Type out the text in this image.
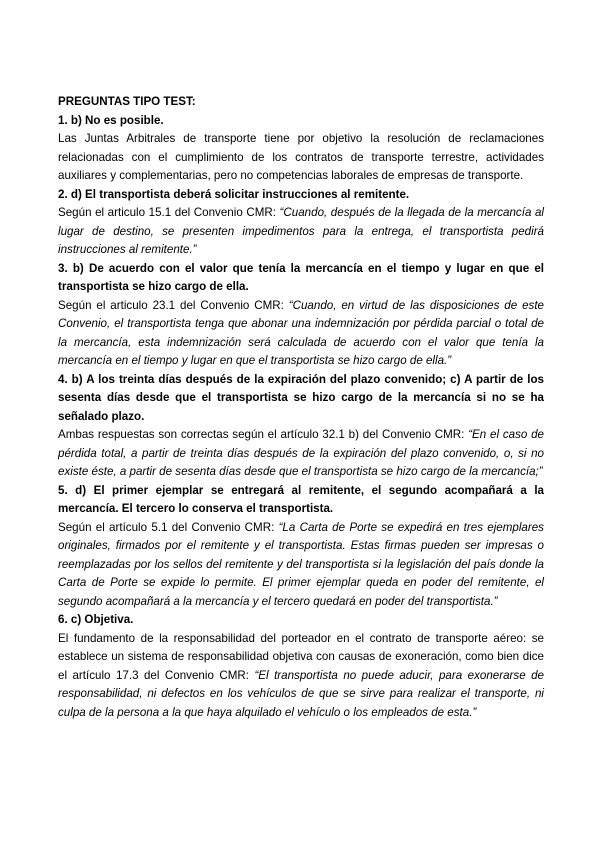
PREGUNTAS TIPO TEST:

1. b) No es posible.

Las Juntas Arbitrales de transporte tiene por objetivo la resolución de reclamaciones relacionadas con el cumplimiento de los contratos de transporte terrestre, actividades auxiliares y complementarias, pero no competencias laborales de empresas de transporte.

2. d) El transportista deberá solicitar instrucciones al remitente.

Según el articulo 15.1 del Convenio CMR: “Cuando, después de la llegada de la mercancía al lugar de destino, se presenten impedimentos para la entrega, el transportista pedirá instrucciones al remitente.”

3. b) De acuerdo con el valor que tenía la mercancía en el tiempo y lugar en que el transportista se hizo cargo de ella.

Según el articulo 23.1 del Convenio CMR: “Cuando, en virtud de las disposiciones de este Convenio, el transportista tenga que abonar una indemnización por pérdida parcial o total de la mercancía, esta indemnización será calculada de acuerdo con el valor que tenía la mercancía en el tiempo y lugar en que el transportista se hizo cargo de ella.”

4. b) A los treinta días después de la expiración del plazo convenido; c) A partir de los sesenta días desde que el transportista se hizo cargo de la mercancía si no se ha señalado plazo.

Ambas respuestas son correctas según el artículo 32.1 b) del Convenio CMR: “En el caso de pérdida total, a partir de treinta días después de la expiración del plazo convenido, o, si no existe éste, a partir de sesenta días desde que el transportista se hizo cargo de la mercancía;”

5. d) El primer ejemplar se entregará al remitente, el segundo acompañará a la mercancía. El tercero lo conserva el transportista.

Según el artículo 5.1 del Convenio CMR: “La Carta de Porte se expedirá en tres ejemplares originales, firmados por el remitente y el transportista. Estas firmas pueden ser impresas o reemplazadas por los sellos del remitente y del transportista si la legislación del país donde la Carta de Porte se expide lo permite. El primer ejemplar queda en poder del remitente, el segundo acompañará a la mercancía y el tercero quedará en poder del transportista.”

6. c) Objetiva.

El fundamento de la responsabilidad del porteador en el contrato de transporte aéreo: se establece un sistema de responsabilidad objetiva con causas de exoneración, como bien dice el artículo 17.3 del Convenio CMR: “El transportista no puede aducir, para exonerarse de responsabilidad, ni defectos en los vehículos de que se sirve para realizar el transporte, ni culpa de la persona a la que haya alquilado el vehículo o los empleados de esta.”
